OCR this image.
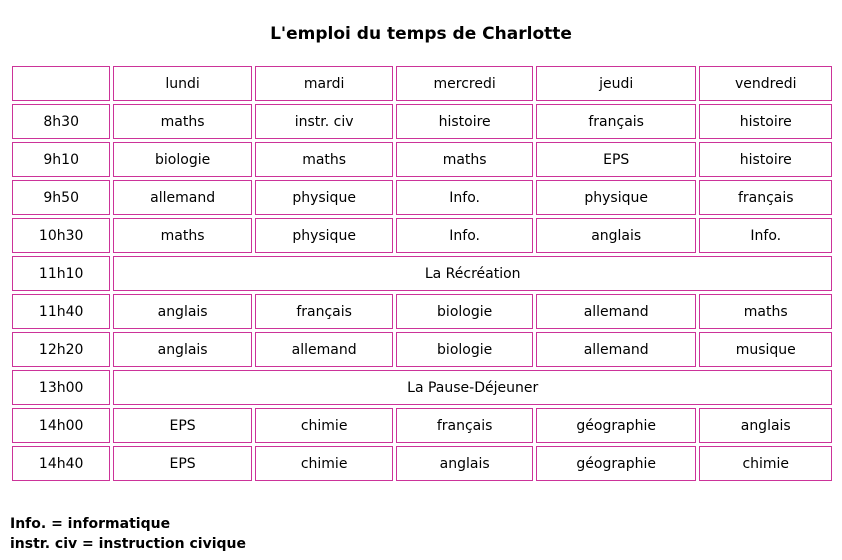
L'emploi du temps de Charlotte
	lundi	mardi	mercredi	jeudi	vendredi
8h30	maths	instr. civ	histoire	français	histoire
9h10	biologie	maths	maths	EPS	histoire
9h50	allemand	physique	Info.	physique	français
10h30	maths	physique	Info.	anglais	Info.
11h10	La Récréation				
11h40	anglais	français	biologie	allemand	maths
12h20	anglais	allemand	biologie	allemand	musique
13h00	La Pause-Déjeuner				
14h00	EPS	chimie	français	géographie	anglais
14h40	EPS	chimie	anglais	géographie	chimie
Info. = informatique
instr. civ = instruction civique
